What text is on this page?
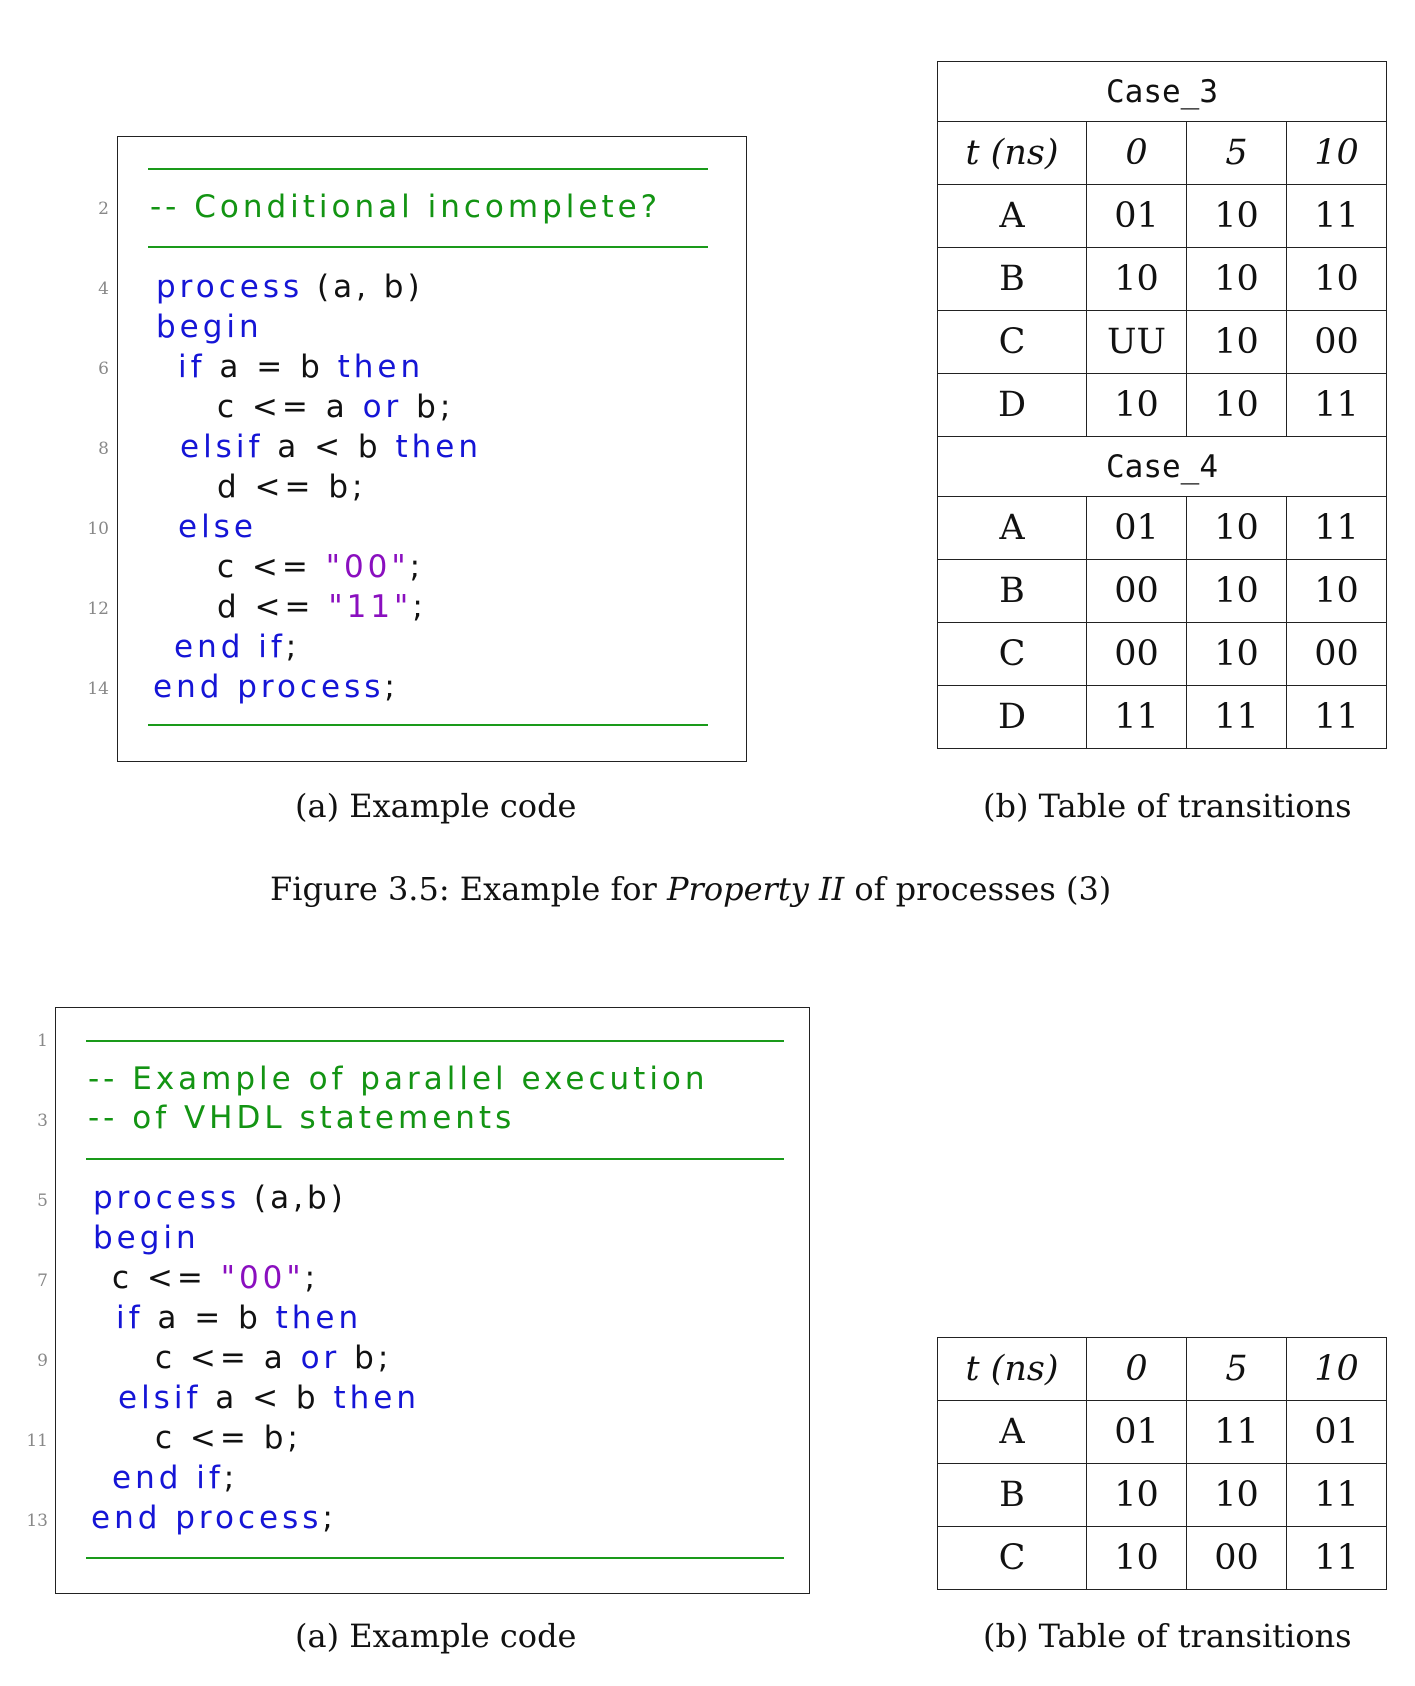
-- Conditional incomplete?
process (a, b)
begin
if a = b then
c <= a or b;
elsif a < b then
d <= b;
else
c <= "00";
d <= "11";
end if;
end process;
2
4
6
8
10
12
14
(a) Example code
Case_3			
t (ns)	0	5	10
A	01	10	11
B	10	10	10
C	UU	10	00
D	10	10	11
Case_4			
A	01	10	11
B	00	10	10
C	00	10	00
D	11	11	11
(b) Table of transitions
Figure 3.5: Example for Property II of processes (3)
-- Example of parallel execution
-- of VHDL statements
process (a,b)
begin
c <= "00";
if a = b then
c <= a or b;
elsif a < b then
c <= b;
end if;
end process;
1
3
5
7
9
11
13
(a) Example code
t (ns)	0	5	10
A	01	11	01
B	10	10	11
C	10	00	11
(b) Table of transitions
